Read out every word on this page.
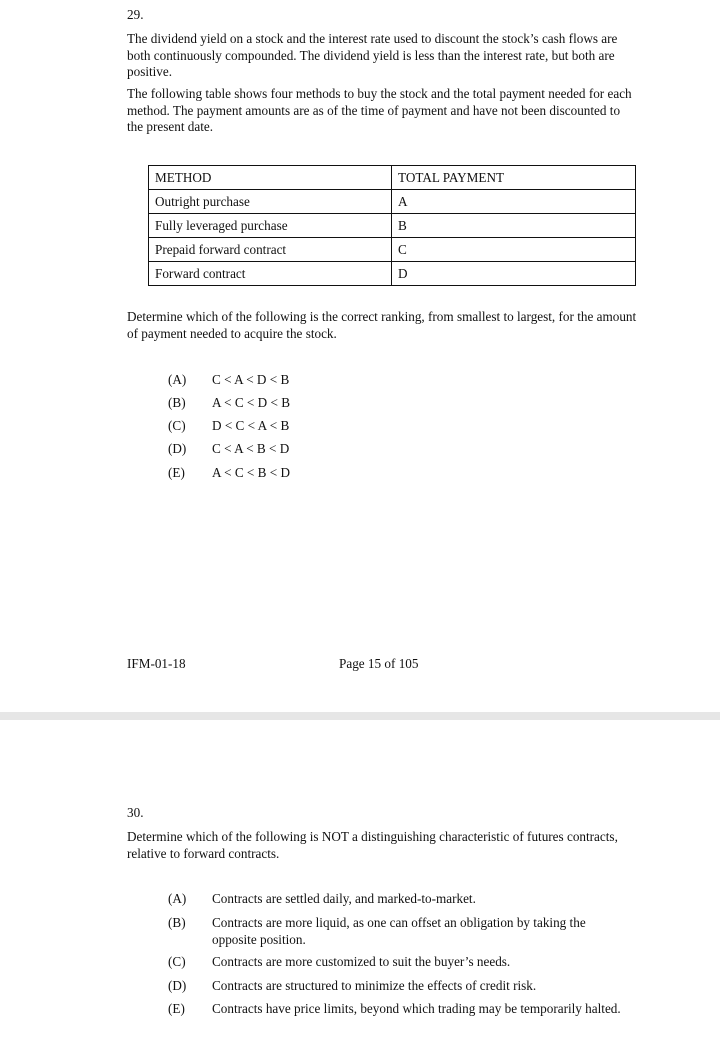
29.

The dividend yield on a stock and the interest rate used to discount the stock’s cash flows are both continuously compounded. The dividend yield is less than the interest rate, but both are positive.

The following table shows four methods to buy the stock and the total payment needed for each method. The payment amounts are as of the time of payment and have not been discounted to the present date.

METHOD	TOTAL PAYMENT
Outright purchase	A
Fully leveraged purchase	B
Prepaid forward contract	C
Forward contract	D

Determine which of the following is the correct ranking, from smallest to largest, for the amount of payment needed to acquire the stock.

(A)	C < A < D < B
(B)	A < C < D < B
(C)	D < C < A < B
(D)	C < A < B < D
(E)	A < C < B < D

IFM-01-18	Page 15 of 105

30.

Determine which of the following is NOT a distinguishing characteristic of futures contracts, relative to forward contracts.

(A)	Contracts are settled daily, and marked-to-market.
(B)	Contracts are more liquid, as one can offset an obligation by taking the opposite position.
(C)	Contracts are more customized to suit the buyer’s needs.
(D)	Contracts are structured to minimize the effects of credit risk.
(E)	Contracts have price limits, beyond which trading may be temporarily halted.
